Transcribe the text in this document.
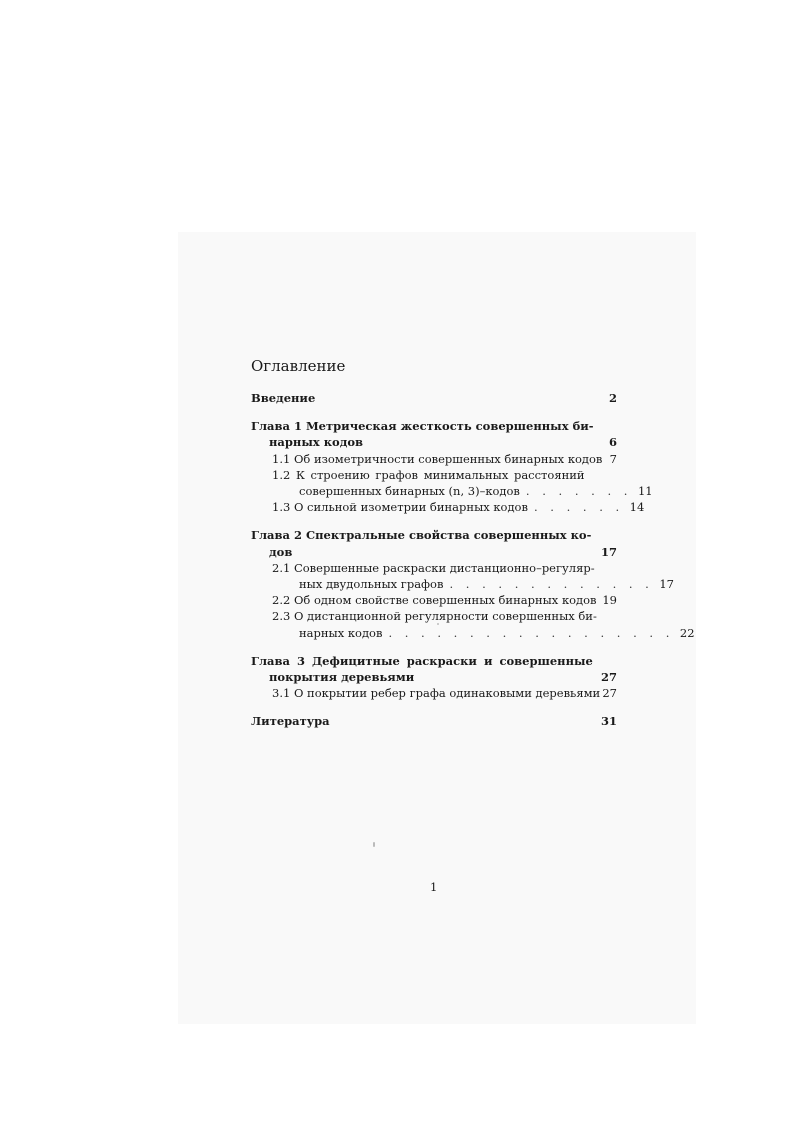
Оглавление
Введение	2
Глава 1 Метрическая жесткость совершенных би-
нарных кодов	6
1.1 Об изометричности совершенных бинарных кодов 7
1.2 К строению графов минимальных расстояний
совершенных бинарных (n, 3)–кодов . . . . . . . 11
1.3 О сильной изометрии бинарных кодов . . . . . . 14
Глава 2 Спектральные свойства совершенных ко-
дов	17
2.1 Совершенные раскраски дистанционно–регуляр-
ных двудольных графов . . . . . . . . . . . . . 17
2.2 Об одном свойстве совершенных бинарных кодов 19
2.3 О дистанционной регулярности совершенных би-
нарных кодов . . . . . . . . . . . . . . . . . . 22
Глава 3 Дефицитные раскраски и совершенные
покрытия деревьями	27
3.1 О покрытии ребер графа одинаковыми деревьями 27
Литература	31
1
